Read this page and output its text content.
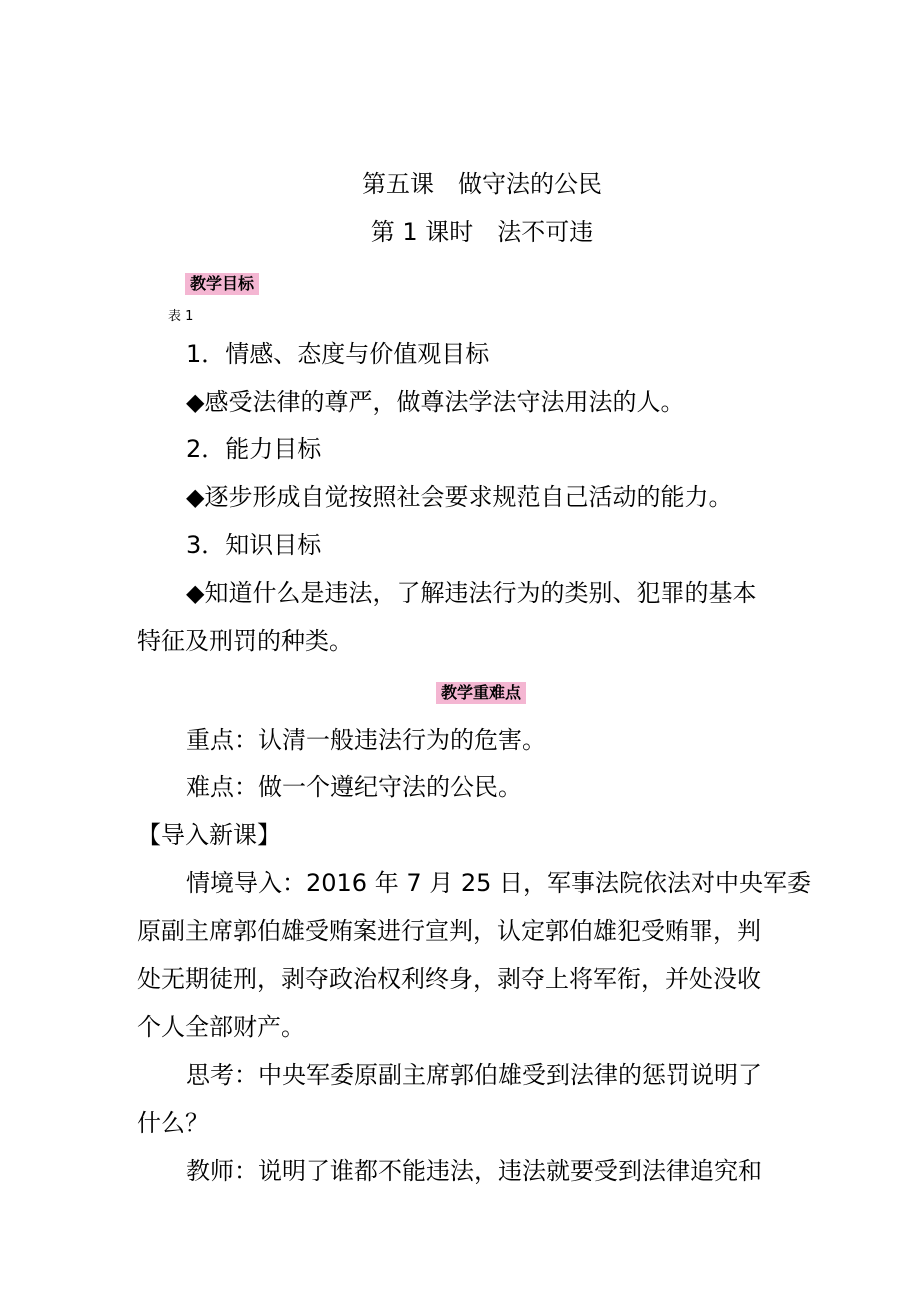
第五课　做守法的公民
第 1 课时　法不可违
教学目标
表 1
1．情感、态度与价值观目标
◆感受法律的尊严，做尊法学法守法用法的人。
2．能力目标
◆逐步形成自觉按照社会要求规范自己活动的能力。
3．知识目标
◆知道什么是违法，了解违法行为的类别、犯罪的基本
特征及刑罚的种类。
教学重难点
重点：认清一般违法行为的危害。
难点：做一个遵纪守法的公民。
【导入新课】
情境导入：2016 年 7 月 25 日，军事法院依法对中央军委
原副主席郭伯雄受贿案进行宣判，认定郭伯雄犯受贿罪，判
处无期徒刑，剥夺政治权利终身，剥夺上将军衔，并处没收
个人全部财产。
思考：中央军委原副主席郭伯雄受到法律的惩罚说明了
什么？
教师：说明了谁都不能违法，违法就要受到法律追究和
